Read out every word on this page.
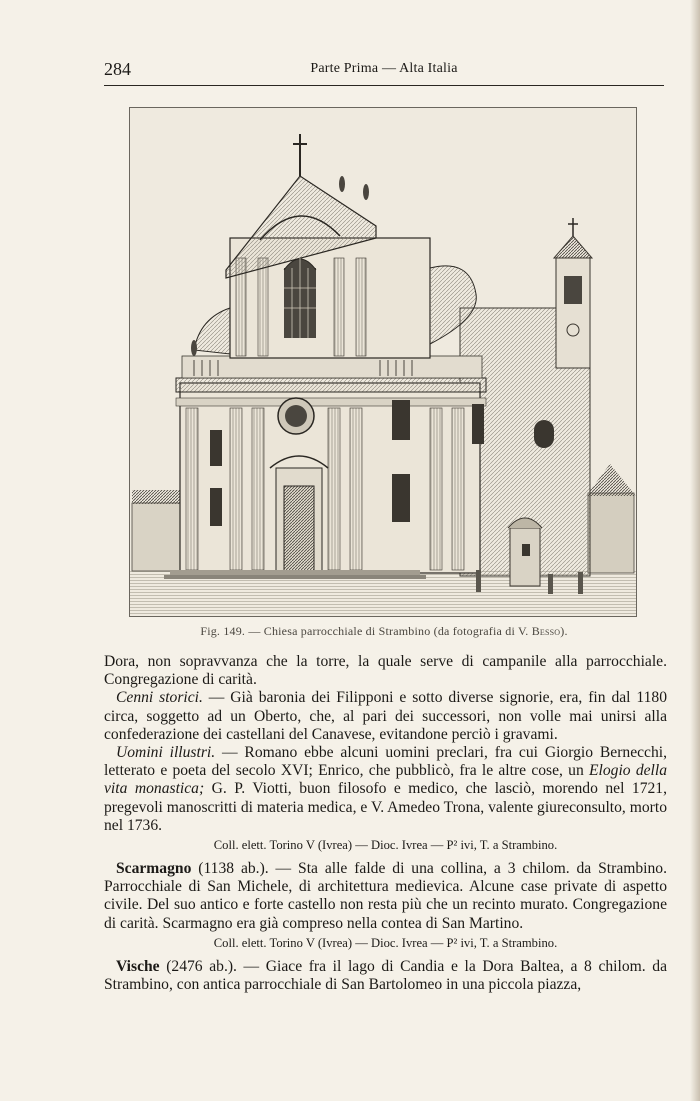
284	Parte Prima — Alta Italia
Fig. 149. — Chiesa parrocchiale di Strambino (da fotografia di V. Besso).

Dora, non sopravvanza che la torre, la quale serve di campanile alla parrocchiale. Congregazione di carità.

Cenni storici. — Già baronia dei Filipponi e sotto diverse signorie, era, fin dal 1180 circa, soggetto ad un Oberto, che, al pari dei successori, non volle mai unirsi alla confederazione dei castellani del Canavese, evitandone perciò i gravami.

Uomini illustri. — Romano ebbe alcuni uomini preclari, fra cui Giorgio Bernecchi, letterato e poeta del secolo XVI; Enrico, che pubblicò, fra le altre cose, un Elogio della vita monastica; G. P. Viotti, buon filosofo e medico, che lasciò, morendo nel 1721, pregevoli manoscritti di materia medica, e V. Amedeo Trona, valente giureconsulto, morto nel 1736.

Coll. elett. Torino V (Ivrea) — Dioc. Ivrea — P² ivi, T. a Strambino.

Scarmagno (1138 ab.). — Sta alle falde di una collina, a 3 chilom. da Strambino. Parrocchiale di San Michele, di architettura medievica. Alcune case private di aspetto civile. Del suo antico e forte castello non resta più che un recinto murato. Congregazione di carità. Scarmagno era già compreso nella contea di San Martino.

Coll. elett. Torino V (Ivrea) — Dioc. Ivrea — P² ivi, T. a Strambino.

Vische (2476 ab.). — Giace fra il lago di Candia e la Dora Baltea, a 8 chilom. da Strambino, con antica parrocchiale di San Bartolomeo in una piccola piazza,
